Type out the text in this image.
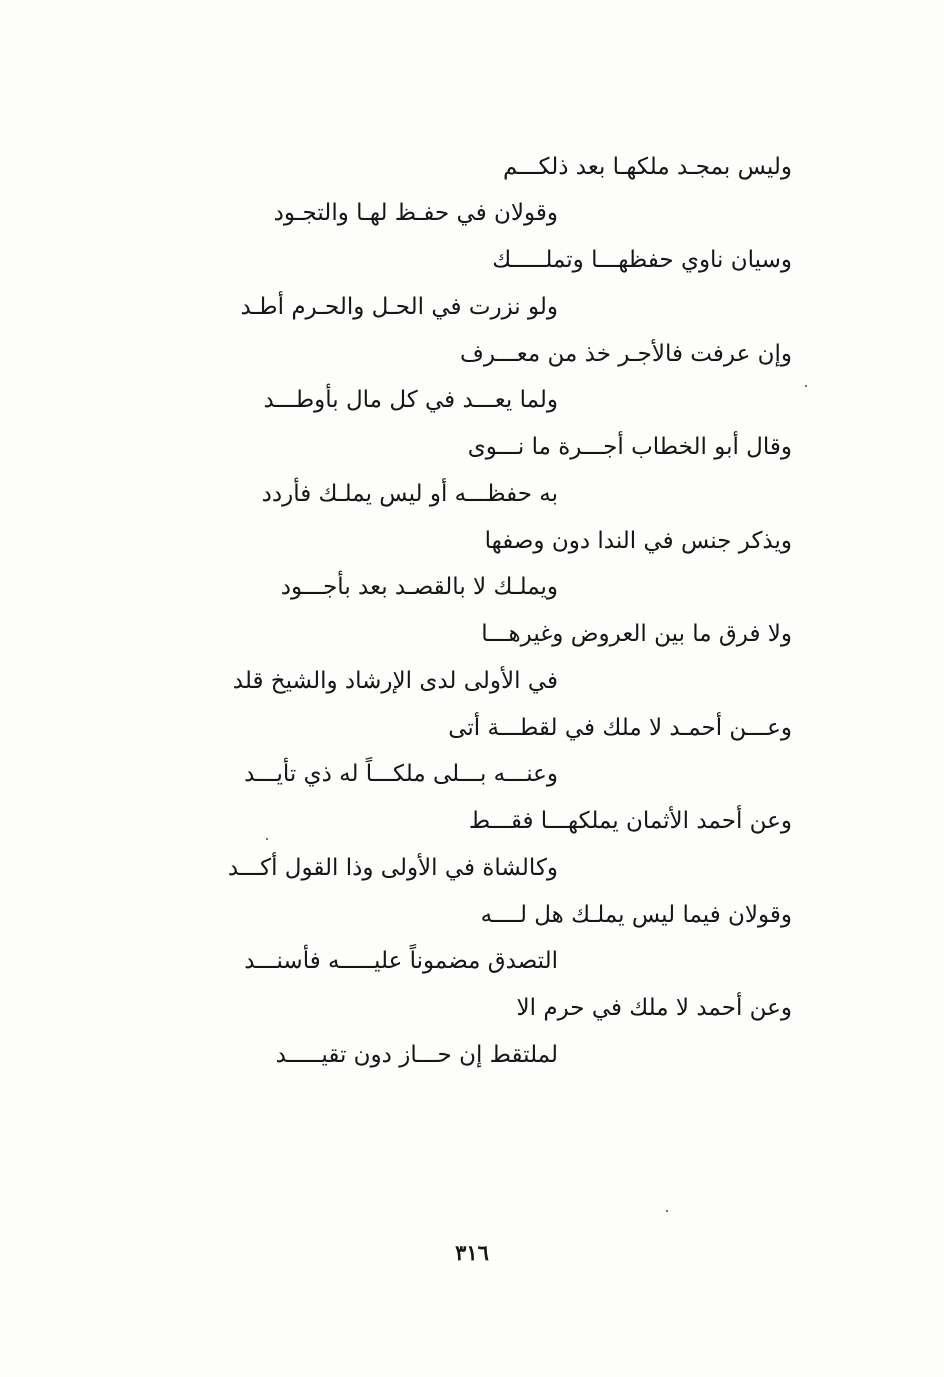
وليس بمجـد ملكهـا بعد ذلكـــم

وقولان في حفـظ لهـا والتجـود

وسيان ناوي حفظهـــا وتملـــــك

ولو نزرت في الحـل والحـرم أطـد

وإن عرفت فالأجـر خذ من معـــرف

ولما يعـــد في كل مال بأوطـــد

وقال أبو الخطاب أجـــرة ما نـــوى

به حفظـــه أو ليس يملـك فأردد

ويذكر جنس في الندا دون وصفها

ويملـك لا بالقصـد بعد بأجـــود

ولا فرق ما بين العروض وغيرهـــا

في الأولى لدى الإرشاد والشيخ قلد

وعـــن أحمـد لا ملك في لقطـــة أتى

وعنـــه بـــلى ملكـــاً له ذي تأيـــد

وعن أحمد الأثمان يملكهـــا فقـــط

وكالشاة في الأولى وذا القول أكـــد

وقولان فيما ليس يملـك هل لــــه

التصدق مضموناً عليـــــه فأسنـــد

وعن أحمد لا ملك في حرم الا

لملتقط إن حـــاز دون تقيـــــد

٣١٦
